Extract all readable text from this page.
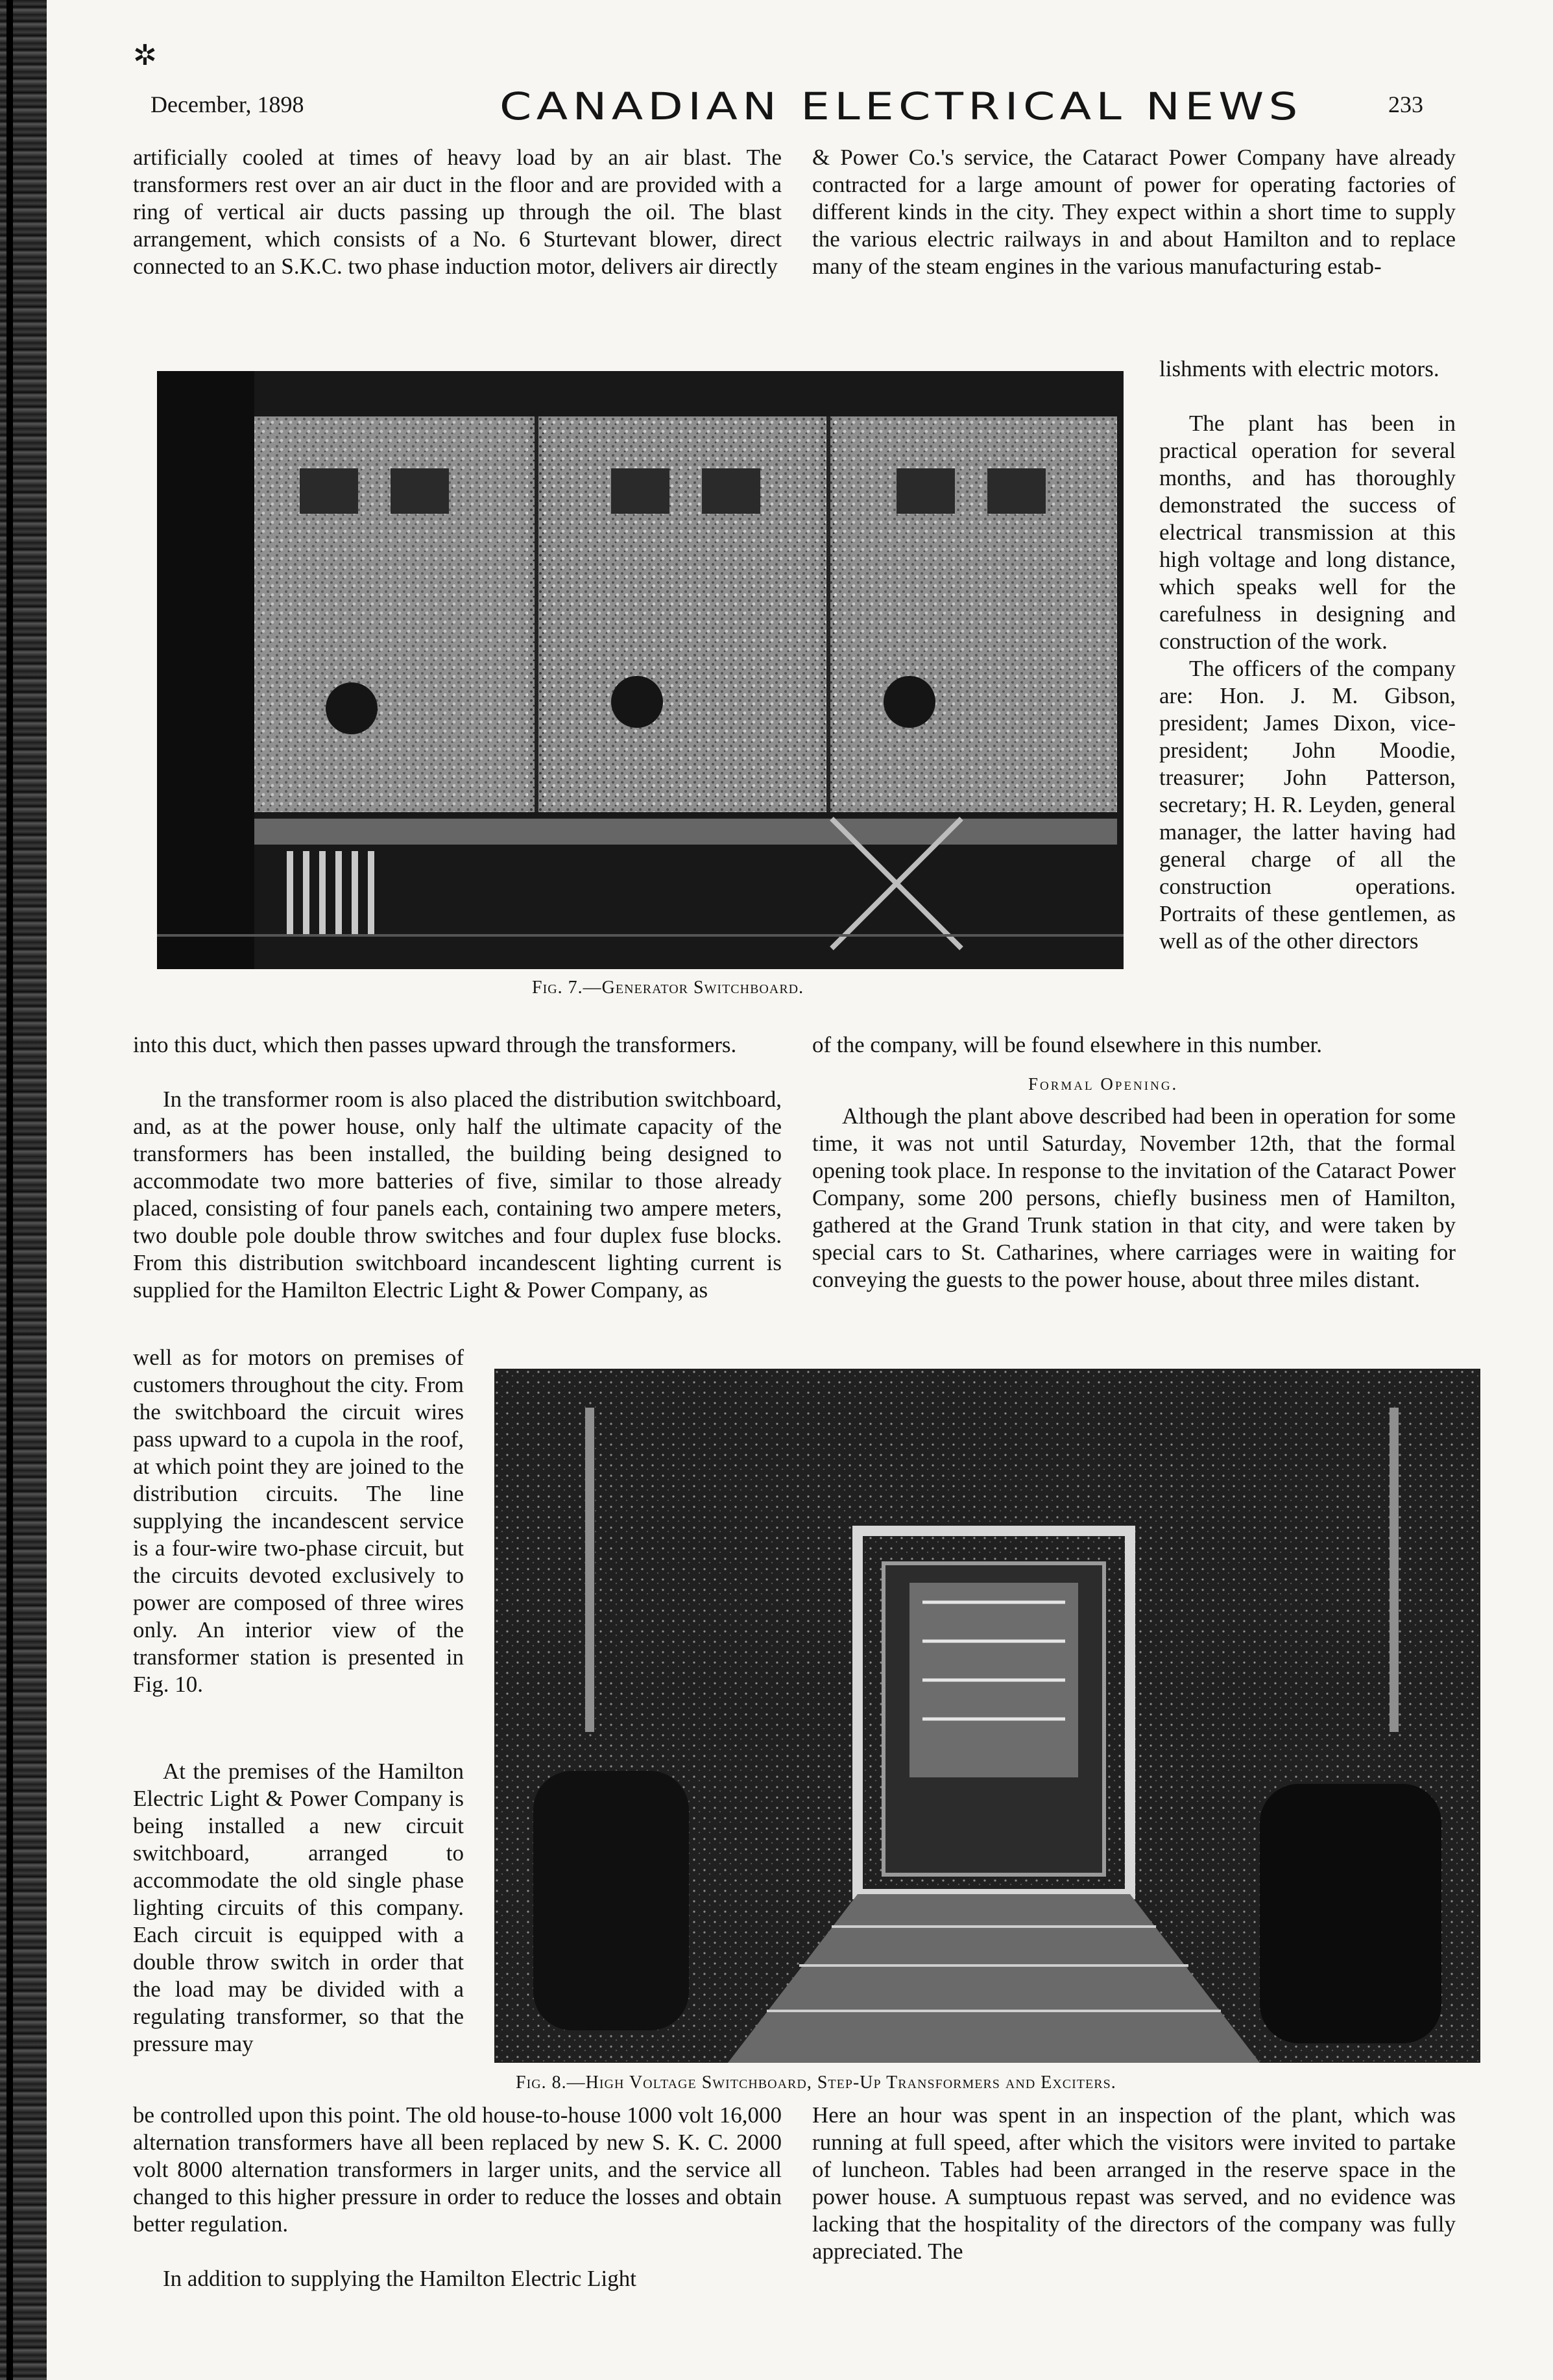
✲
December, 1898	CANADIAN ELECTRICAL NEWS	233

artificially cooled at times of heavy load by an air blast. The transformers rest over an air duct in the floor and are provided with a ring of vertical air ducts passing up through the oil. The blast arrangement, which consists of a No. 6 Sturtevant blower, direct connected to an S.K.C. two phase induction motor, delivers air directly

& Power Co.'s service, the Cataract Power Company have already contracted for a large amount of power for operating factories of different kinds in the city. They expect within a short time to supply the various electric railways in and about Hamilton and to replace many of the steam engines in the various manufacturing estab-

lishments with electric motors.

The plant has been in practical operation for several months, and has thoroughly demonstrated the success of electrical transmission at this high voltage and long distance, which speaks well for the carefulness in designing and construction of the work.

The officers of the company are: Hon. J. M. Gibson, president; James Dixon, vice-president; John Moodie, treasurer; John Patterson, secretary; H. R. Leyden, general manager, the latter having had general charge of all the construction operations. Portraits of these gentlemen, as well as of the other directors

Fig. 7.—Generator Switchboard.

of the company, will be found elsewhere in this number.

into this duct, which then passes upward through the transformers.

In the transformer room is also placed the distribution switchboard, and, as at the power house, only half the ultimate capacity of the transformers has been installed, the building being designed to accommodate two more batteries of five, similar to those already placed, consisting of four panels each, containing two ampere meters, two double pole double throw switches and four duplex fuse blocks. From this distribution switchboard incandescent lighting current is supplied for the Hamilton Electric Light & Power Company, as

Formal Opening.

Although the plant above described had been in operation for some time, it was not until Saturday, November 12th, that the formal opening took place. In response to the invitation of the Cataract Power Company, some 200 persons, chiefly business men of Hamilton, gathered at the Grand Trunk station in that city, and were taken by special cars to St. Catharines, where carriages were in waiting for conveying the guests to the power house, about three miles distant.

well as for motors on premises of customers throughout the city. From the switchboard the circuit wires pass upward to a cupola in the roof, at which point they are joined to the distribution circuits. The line supplying the incandescent service is a four-wire two-phase circuit, but the circuits devoted exclusively to power are composed of three wires only. An interior view of the transformer station is presented in Fig. 10.

At the premises of the Hamilton Electric Light & Power Company is being installed a new circuit switchboard, arranged to accommodate the old single phase lighting circuits of this company. Each circuit is equipped with a double throw switch in order that the load may be divided with a regulating transformer, so that the pressure may

Fig. 8.—High Voltage Switchboard, Step-Up Transformers and Exciters.

be controlled upon this point. The old house-to-house 1000 volt 16,000 alternation transformers have all been replaced by new S. K. C. 2000 volt 8000 alternation transformers in larger units, and the service all changed to this higher pressure in order to reduce the losses and obtain better regulation.

In addition to supplying the Hamilton Electric Light

Here an hour was spent in an inspection of the plant, which was running at full speed, after which the visitors were invited to partake of luncheon. Tables had been arranged in the reserve space in the power house. A sumptuous repast was served, and no evidence was lacking that the hospitality of the directors of the company was fully appreciated. The
